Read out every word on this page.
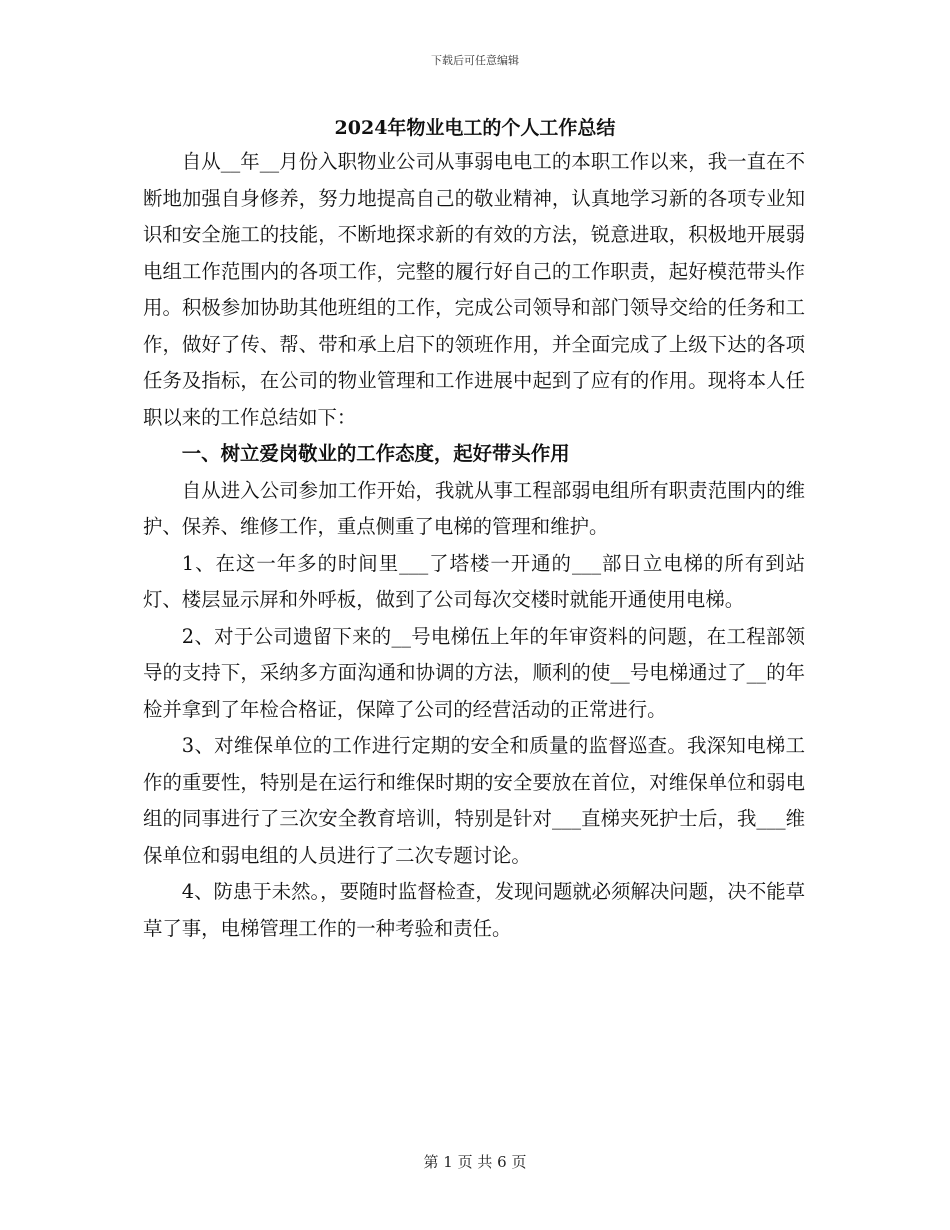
下载后可任意编辑
2024年物业电工的个人工作总结

自从__年__月份入职物业公司从事弱电电工的本职工作以来，我一直在不断地加强自身修养，努力地提高自己的敬业精神，认真地学习新的各项专业知识和安全施工的技能，不断地探求新的有效的方法，锐意进取，积极地开展弱电组工作范围内的各项工作，完整的履行好自己的工作职责，起好模范带头作用。积极参加协助其他班组的工作，完成公司领导和部门领导交给的任务和工作，做好了传、帮、带和承上启下的领班作用，并全面完成了上级下达的各项任务及指标，在公司的物业管理和工作进展中起到了应有的作用。现将本人任职以来的工作总结如下：

一、树立爱岗敬业的工作态度，起好带头作用

自从进入公司参加工作开始，我就从事工程部弱电组所有职责范围内的维护、保养、维修工作，重点侧重了电梯的管理和维护。

1、在这一年多的时间里___了塔楼一开通的___部日立电梯的所有到站灯、楼层显示屏和外呼板，做到了公司每次交楼时就能开通使用电梯。

2、对于公司遗留下来的__号电梯伍上年的年审资料的问题，在工程部领导的支持下，采纳多方面沟通和协调的方法，顺利的使__号电梯通过了__的年检并拿到了年检合格证，保障了公司的经营活动的正常进行。

3、对维保单位的工作进行定期的安全和质量的监督巡查。我深知电梯工作的重要性，特别是在运行和维保时期的安全要放在首位，对维保单位和弱电组的同事进行了三次安全教育培训，特别是针对___直梯夹死护士后，我___维保单位和弱电组的人员进行了二次专题讨论。

4、防患于未然。，要随时监督检查，发现问题就必须解决问题，决不能草草了事，电梯管理工作的一种考验和责任。

第 1 页 共 6 页
